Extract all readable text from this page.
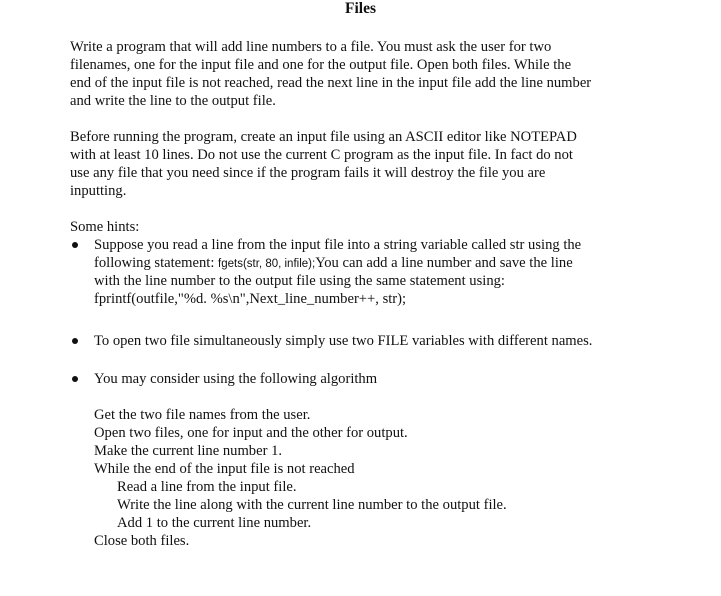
Files
Write a program that will add line numbers to a file. You must ask the user for two
filenames, one for the input file and one for the output file. Open both files. While the
end of the input file is not reached, read the next line in the input file add the line number
and write the line to the output file.
Before running the program, create an input file using an ASCII editor like NOTEPAD
with at least 10 lines. Do not use the current C program as the input file. In fact do not
use any file that you need since if the program fails it will destroy the file you are
inputting.
Some hints:
Suppose you read a line from the input file into a string variable called str using the
following statement: fgets(str, 80, infile);You can add a line number and save the line
with the line number to the output file using the same statement using:
fprintf(outfile,"%d. %s\n",Next_line_number++, str);
To open two file simultaneously simply use two FILE variables with different names.
You may consider using the following algorithm
Get the two file names from the user.
Open two files, one for input and the other for output.
Make the current line number 1.
While the end of the input file is not reached
Read a line from the input file.
Write the line along with the current line number to the output file.
Add 1 to the current line number.
Close both files.
